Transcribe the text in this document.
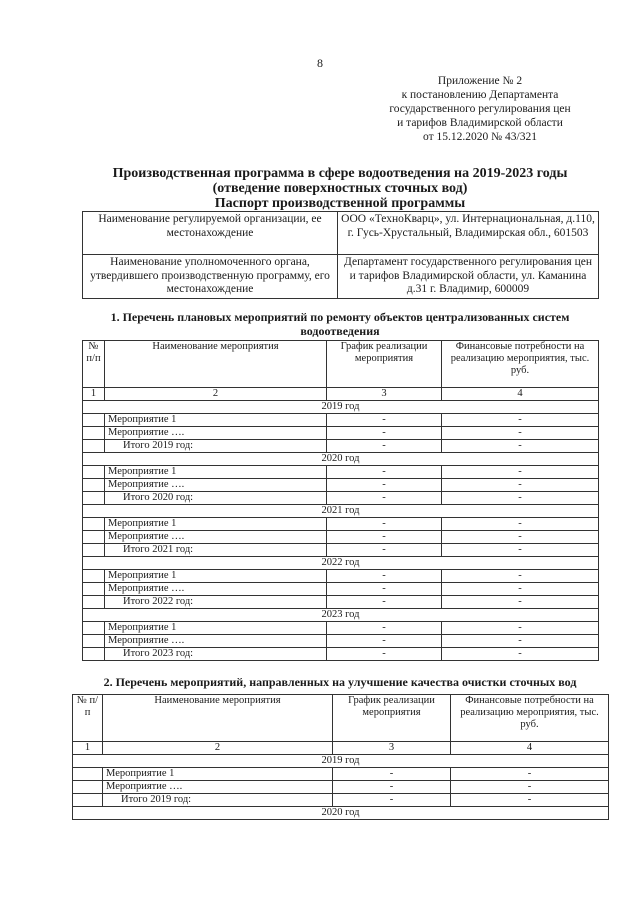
8
Приложение № 2
к постановлению Департамента
государственного регулирования цен
и тарифов Владимирской области
от 15.12.2020 № 43/321
Производственная программа в сфере водоотведения на 2019-2023 годы
(отведение поверхностных сточных вод)
Паспорт производственной программы
Наименование регулируемой организации, ее местонахождение	ООО «ТехноКварц», ул. Интернациональная, д.110, г. Гусь-Хрустальный, Владимирская обл., 601503
Наименование уполномоченного органа, утвердившего производственную программу, его местонахождение	Департамент государственного регулирования цен и тарифов Владимирской области, ул. Каманина д.31 г. Владимир, 600009
1. Перечень плановых мероприятий по ремонту объектов централизованных систем водоотведения
№ п/п	Наименование мероприятия	График реализации мероприятия	Финансовые потребности на реализацию мероприятия, тыс. руб.
1	2	3	4
2019 год			
	Мероприятие 1	-	-
	Мероприятие ….	-	-
	Итого 2019 год:	-	-
2020 год			
	Мероприятие 1	-	-
	Мероприятие ….	-	-
	Итого 2020 год:	-	-
2021 год			
	Мероприятие 1	-	-
	Мероприятие ….	-	-
	Итого 2021 год:	-	-
2022 год			
	Мероприятие 1	-	-
	Мероприятие ….	-	-
	Итого 2022 год:	-	-
2023 год			
	Мероприятие 1	-	-
	Мероприятие ….	-	-
	Итого 2023 год:	-	-
2. Перечень мероприятий, направленных на улучшение качества очистки сточных вод
№ п/п	Наименование мероприятия	График реализации мероприятия	Финансовые потребности на реализацию мероприятия, тыс. руб.
1	2	3	4
2019 год			
	Мероприятие 1	-	-
	Мероприятие ….	-	-
	Итого 2019 год:	-	-
2020 год			
